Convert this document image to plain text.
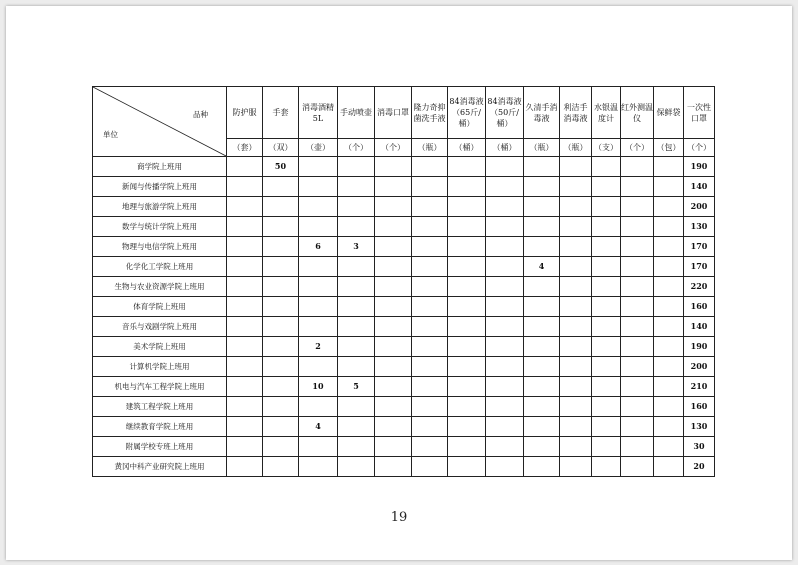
品种
单位	防护服	手套	消毒酒精5L	手动喷壶	消毒口罩	隆力奇抑菌洗手液	84消毒液（65斤/桶）	84消毒液（50斤/桶）	久清手消毒液	利洁手消毒液	水银温度计	红外测温仪	保鲜袋	一次性口罩
	（套）	（双）	（壶）	（个）	（个）	（瓶）	（桶）	（桶）	（瓶）	（瓶）	（支）	（个）	（包）	（个）
商学院上班用		50												190
新闻与传播学院上班用														140
地理与旅游学院上班用														200
数学与统计学院上班用														130
物理与电信学院上班用			6	3										170
化学化工学院上班用									4					170
生物与农业资源学院上班用														220
体育学院上班用														160
音乐与戏剧学院上班用														140
美术学院上班用			2											190
计算机学院上班用														200
机电与汽车工程学院上班用			10	5										210
建筑工程学院上班用														160
继续教育学院上班用			4											130
附属学校专班上班用														30
黄冈中科产业研究院上班用														20
19
